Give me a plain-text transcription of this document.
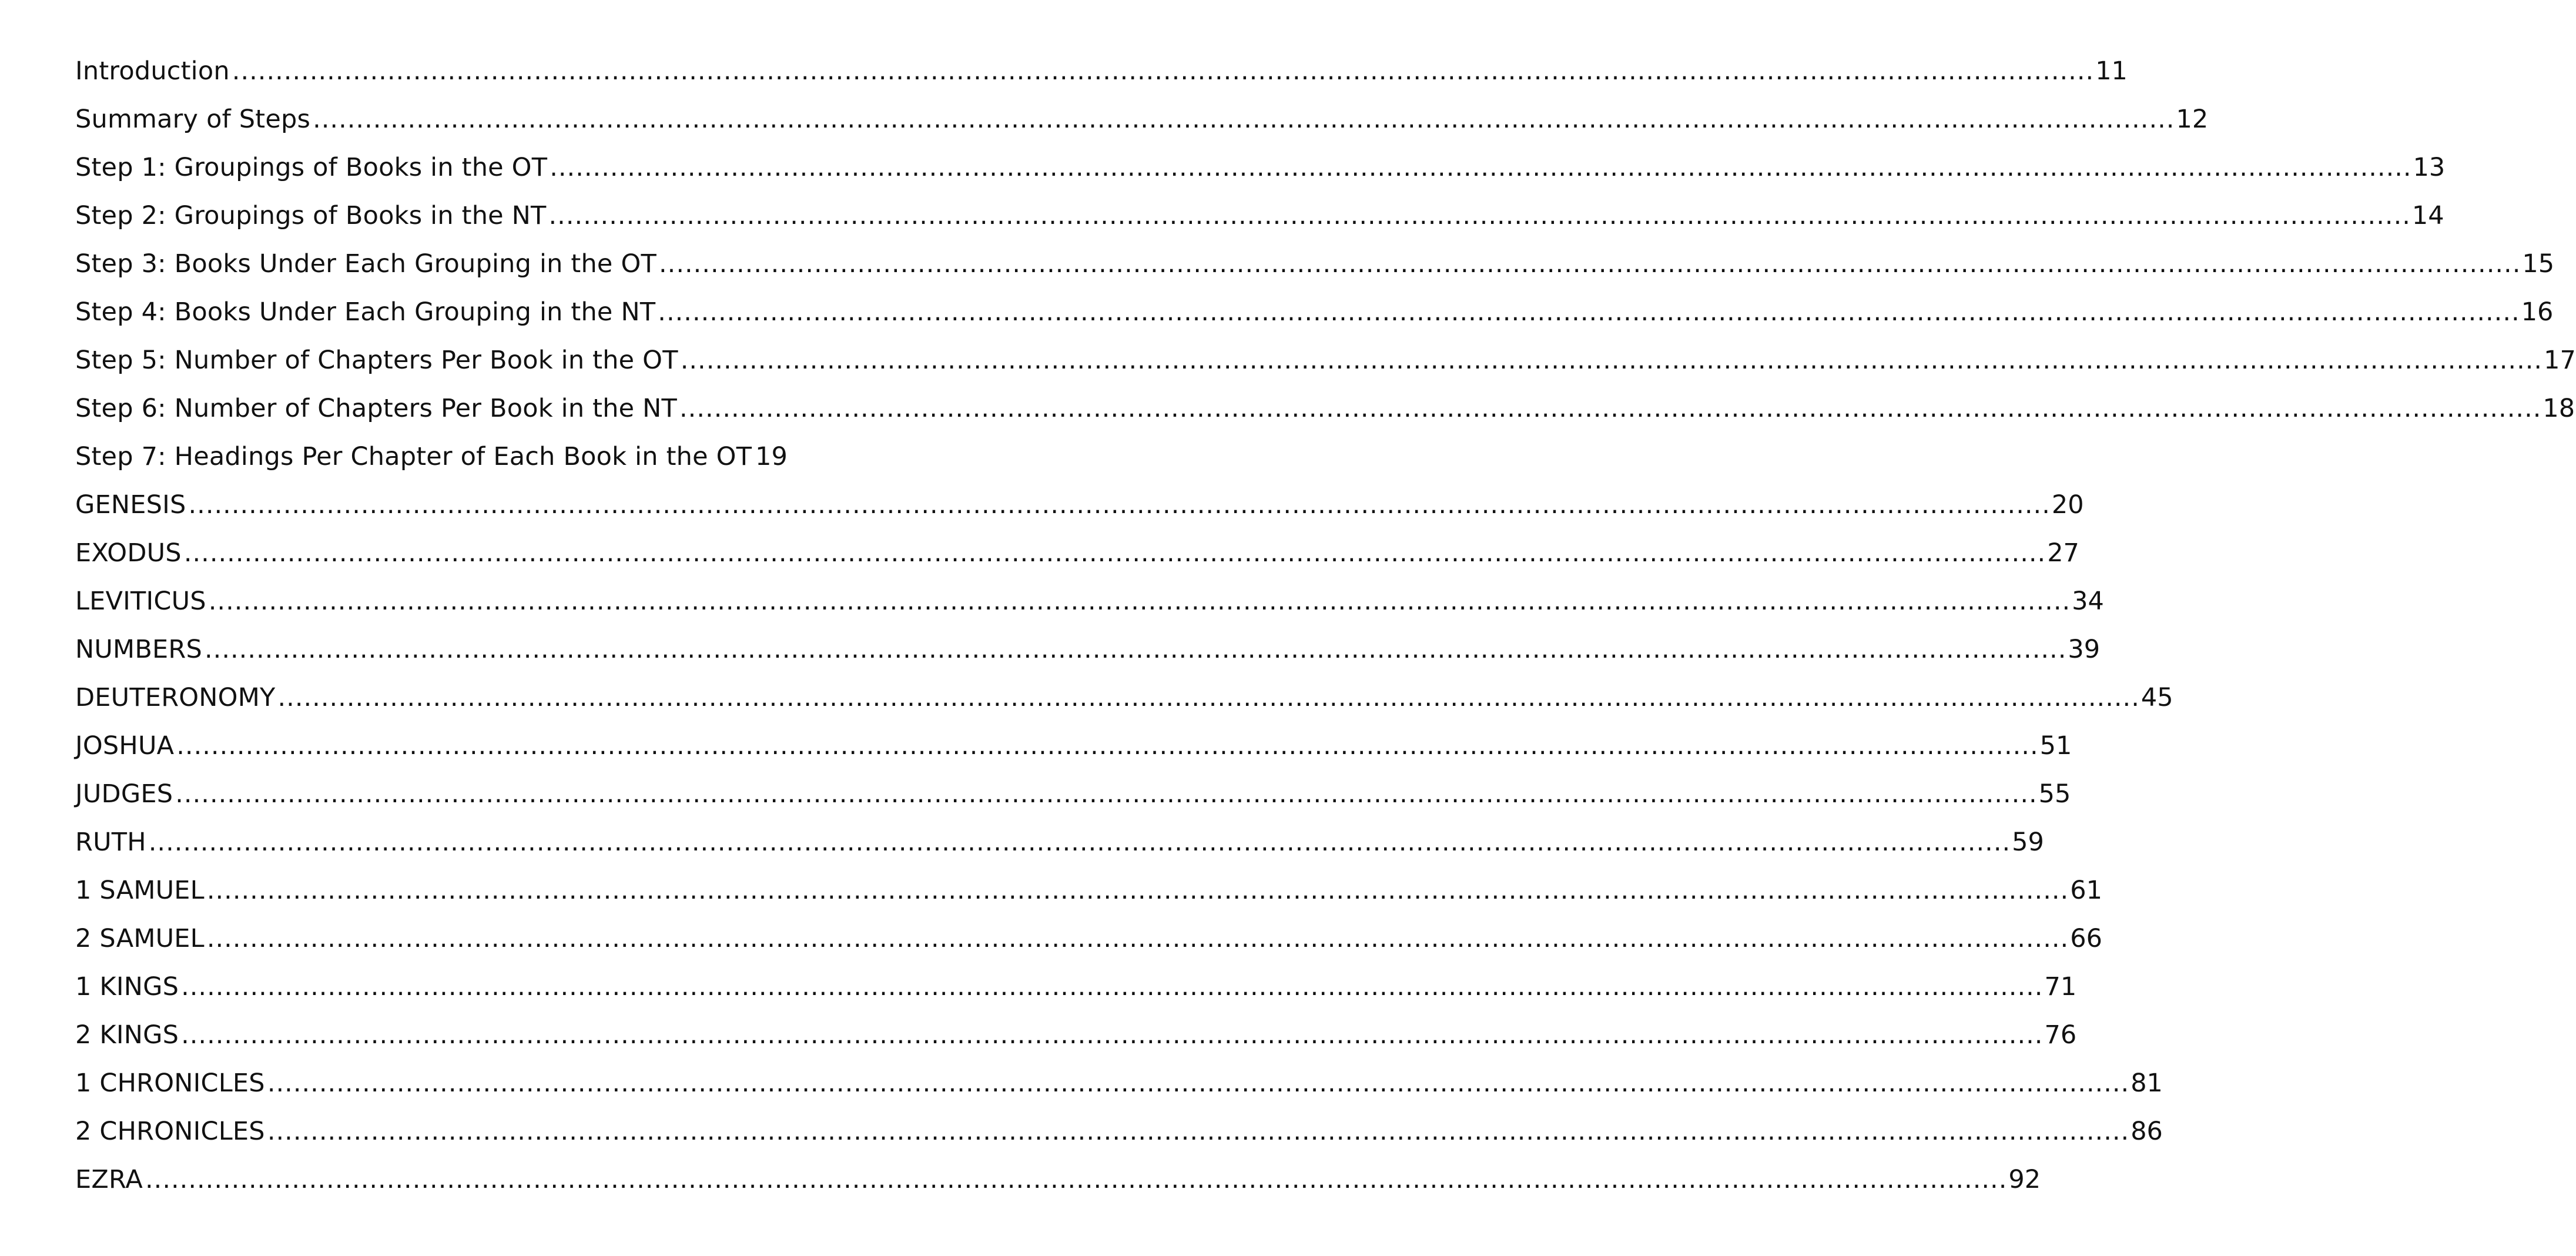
Introduction .....	11
Summary of Steps .....	12
Step 1: Groupings of Books in the OT .....	13
Step 2: Groupings of Books in the NT .....	14
Step 3: Books Under Each Grouping in the OT .....	15
Step 4: Books Under Each Grouping in the NT .....	16
Step 5: Number of Chapters Per Book in the OT .....	17
Step 6: Number of Chapters Per Book in the NT .....	18
Step 7: Headings Per Chapter of Each Book in the OT 19
GENESIS .....	20
EXODUS .....	27
LEVITICUS .....	34
NUMBERS .....	39
DEUTERONOMY .....	45
JOSHUA .....	51
JUDGES .....	55
RUTH .....	59
1 SAMUEL .....	61
2 SAMUEL .....	66
1 KINGS .....	71
2 KINGS .....	76
1 CHRONICLES .....	81
2 CHRONICLES .....	86
EZRA .....	92
